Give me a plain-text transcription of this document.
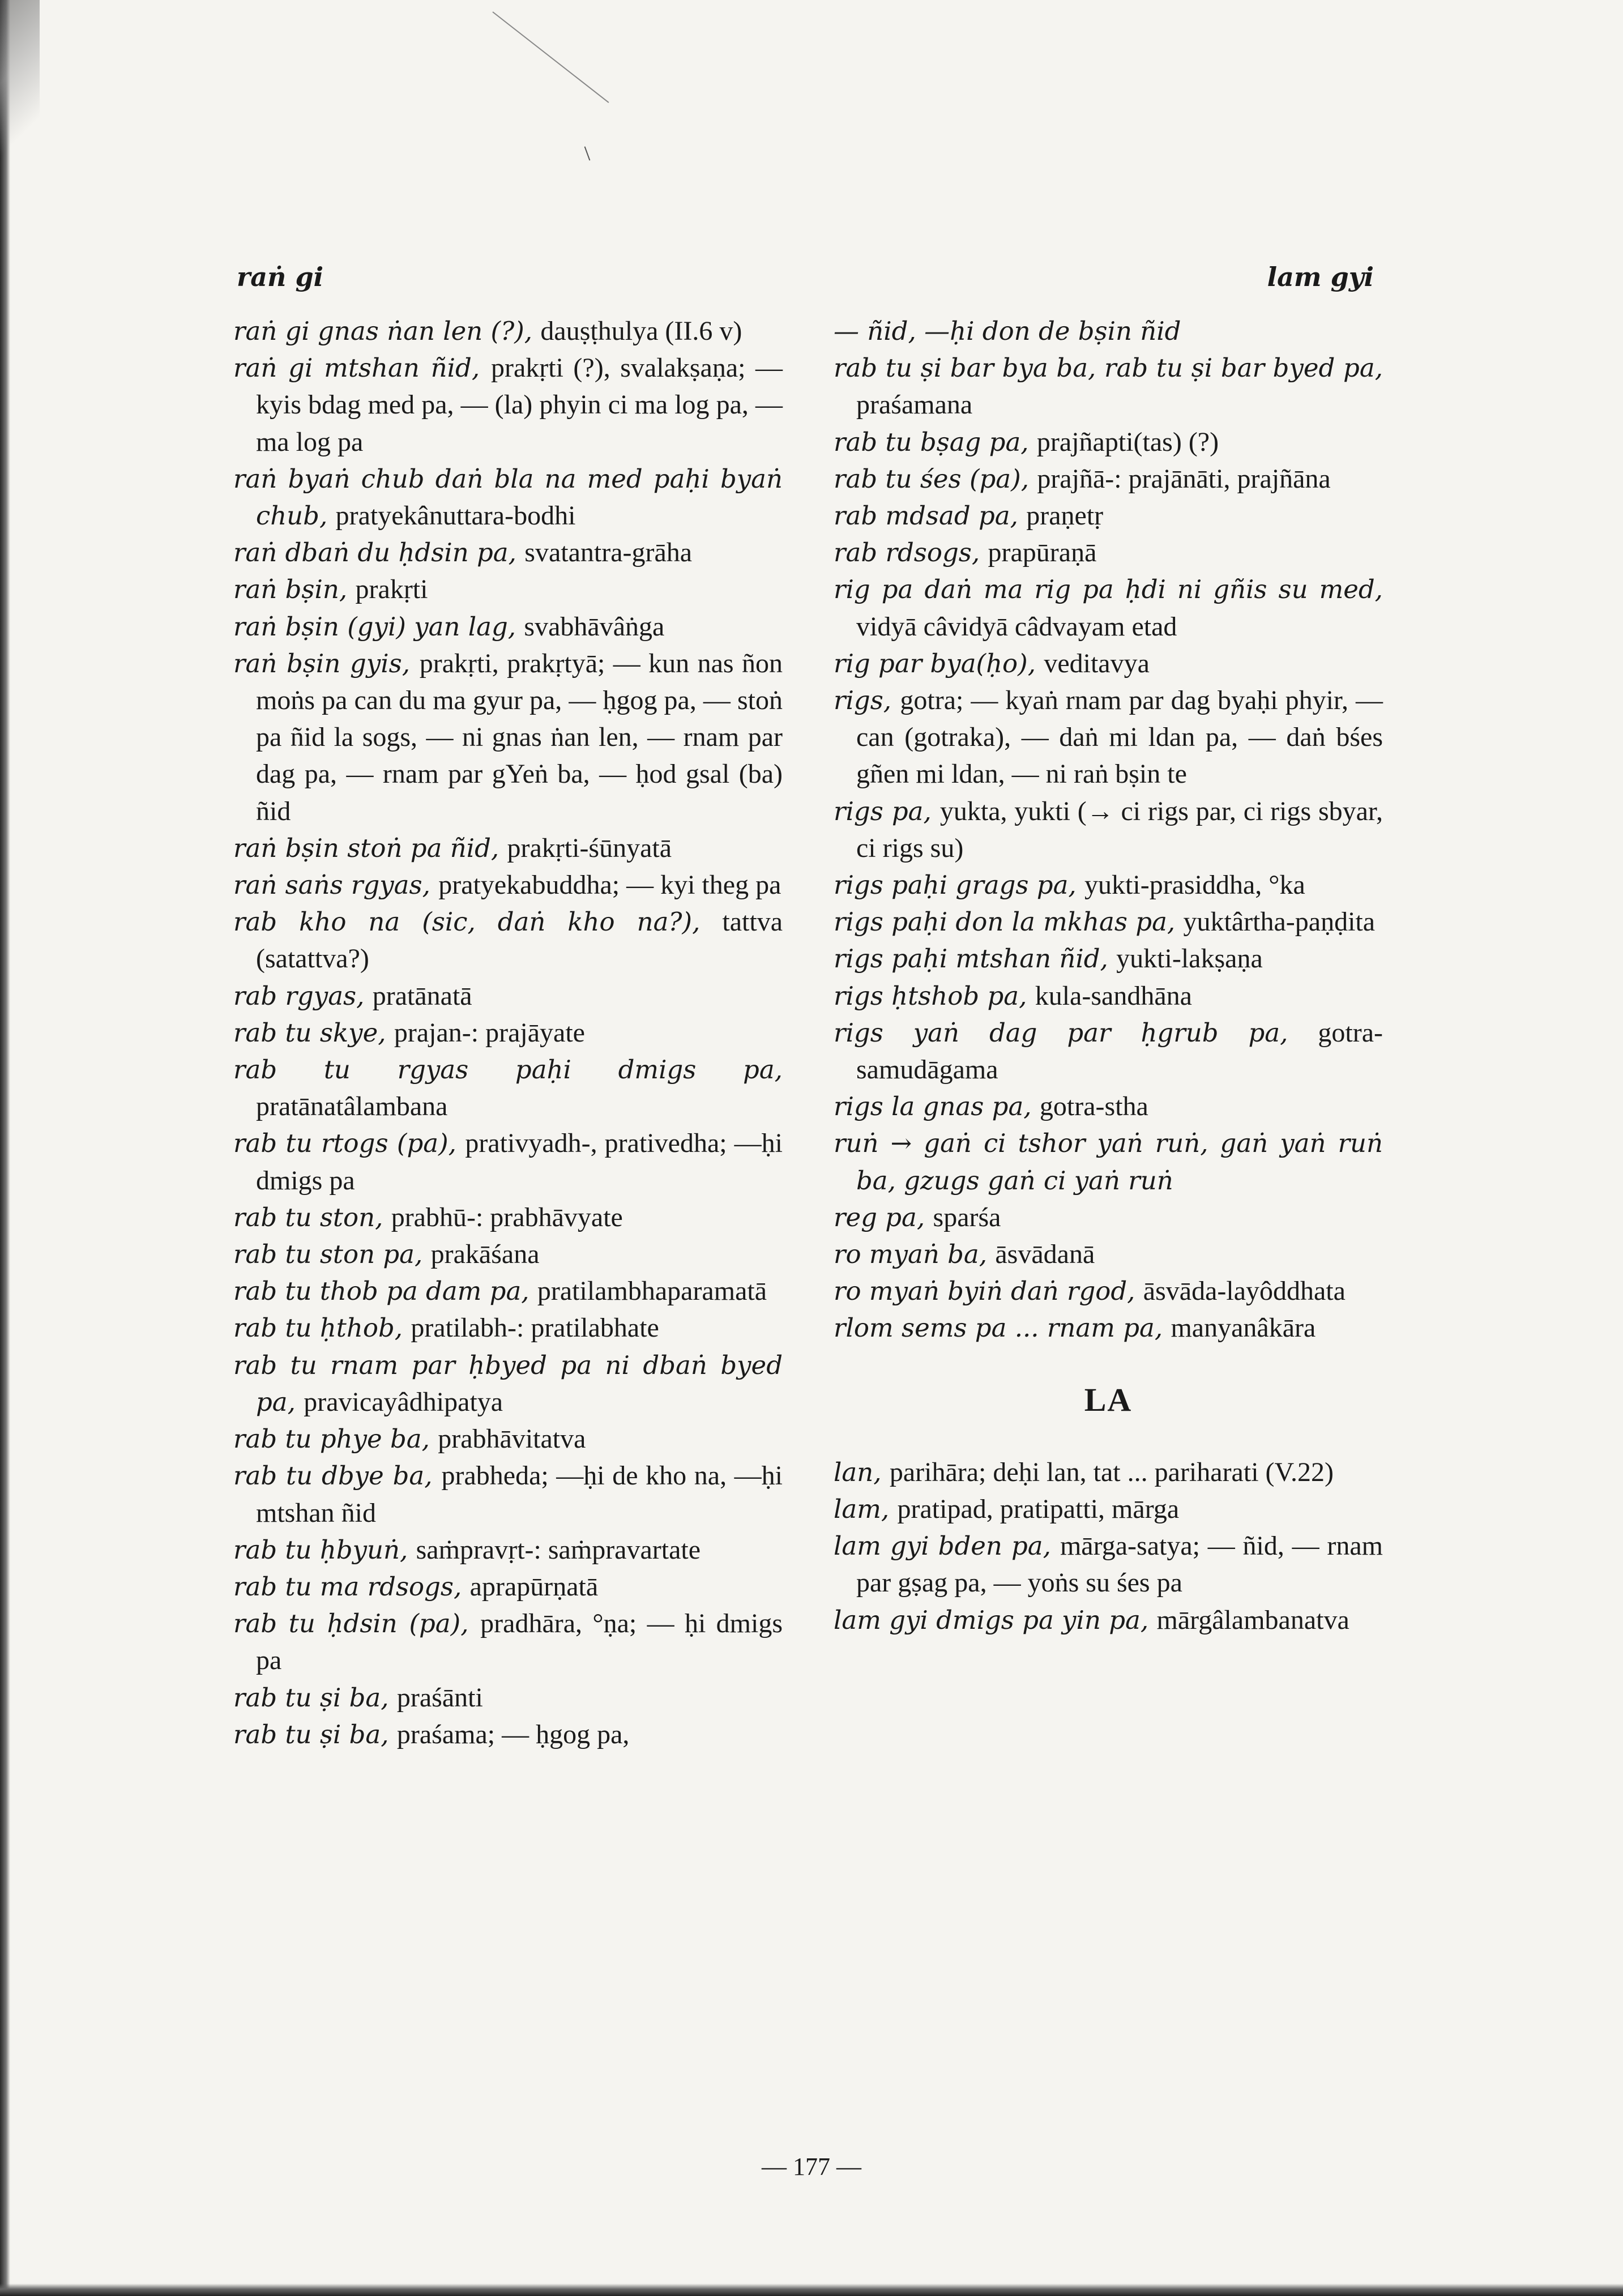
raṅ gi	lam gyi
raṅ gi gnas ṅan len (?), dauṣṭhulya (II.6 v)
raṅ gi mtshan ñid, prakṛti (?), svalakṣaṇa; — kyis bdag med pa, — (la) phyin ci ma log pa, — ma log pa
raṅ byaṅ chub daṅ bla na med paḥi byaṅ chub, pratyekânuttara-bodhi
raṅ dbaṅ du ḥdsin pa, svatantra-grāha
raṅ bṣin, prakṛti
raṅ bṣin (gyi) yan lag, svabhāvâṅga
raṅ bṣin gyis, prakṛti, prakṛtyā; — kun nas ñon moṅs pa can du ma gyur pa, — ḥgog pa, — stoṅ pa ñid la sogs, — ni gnas ṅan len, — rnam par dag pa, — rnam par gYeṅ ba, — ḥod gsal (ba) ñid
raṅ bṣin stoṅ pa ñid, prakṛti-śūnyatā
raṅ saṅs rgyas, pratyekabuddha; — kyi theg pa
rab kho na (sic, daṅ kho na?), tattva (satattva?)
rab rgyas, pratānatā
rab tu skye, prajan-: prajāyate
rab tu rgyas paḥi dmigs pa, pratānatâlambana
rab tu rtogs (pa), prativyadh-, prativedha; —ḥi dmigs pa
rab tu ston, prabhū-: prabhāvyate
rab tu ston pa, prakāśana
rab tu thob pa dam pa, pratilambhaparamatā
rab tu ḥthob, pratilabh-: pratilabhate
rab tu rnam par ḥbyed pa ni dbaṅ byed pa, pravicayâdhipatya
rab tu phye ba, prabhāvitatva
rab tu dbye ba, prabheda; —ḥi de kho na, —ḥi mtshan ñid
rab tu ḥbyuṅ, saṁpravṛt-: saṁpravartate
rab tu ma rdsogs, aprapūrṇatā
rab tu ḥdsin (pa), pradhāra, °ṇa; — ḥi dmigs pa
rab tu ṣi ba, praśānti
rab tu ṣi ba, praśama; — ḥgog pa,
— ñid, —ḥi don de bṣin ñid
rab tu ṣi bar bya ba, rab tu ṣi bar byed pa, praśamana
rab tu bṣag pa, prajñapti(tas) (?)
rab tu śes (pa), prajñā-: prajānāti, prajñāna
rab mdsad pa, praṇetṛ
rab rdsogs, prapūraṇā
rig pa daṅ ma rig pa ḥdi ni gñis su med, vidyā câvidyā câdvayam etad
rig par bya(ḥo), veditavya
rigs, gotra; — kyaṅ rnam par dag byaḥi phyir, — can (gotraka), — daṅ mi ldan pa, — daṅ bśes gñen mi ldan, — ni raṅ bṣin te
rigs pa, yukta, yukti (→ ci rigs par, ci rigs sbyar, ci rigs su)
rigs paḥi grags pa, yukti-prasiddha, °ka
rigs paḥi don la mkhas pa, yuktârtha-paṇḍita
rigs paḥi mtshan ñid, yukti-lakṣaṇa
rigs ḥtshob pa, kula-sandhāna
rigs yaṅ dag par ḥgrub pa, gotra-samudāgama
rigs la gnas pa, gotra-stha
ruṅ → gaṅ ci tshor yaṅ ruṅ, gaṅ yaṅ ruṅ ba, gzugs gaṅ ci yaṅ ruṅ
reg pa, sparśa
ro myaṅ ba, āsvādanā
ro myaṅ byiṅ daṅ rgod, āsvāda-layôddhata
rlom sems pa ... rnam pa, manyanâkāra
LA
lan, parihāra; deḥi lan, tat ... pariharati (V.22)
lam, pratipad, pratipatti, mārga
lam gyi bden pa, mārga-satya; — ñid, — rnam par gṣag pa, — yoṅs su śes pa
lam gyi dmigs pa yin pa, mārgâlambanatva
— 177 —
